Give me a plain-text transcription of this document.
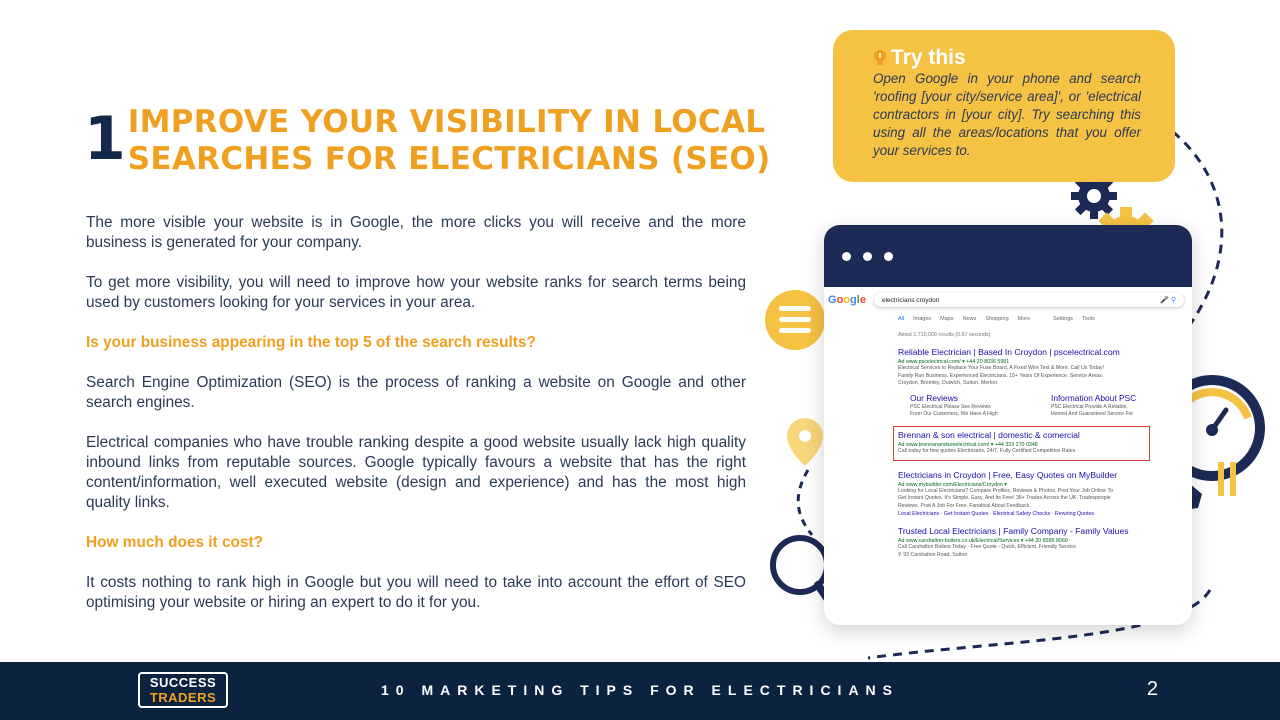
1 IMPROVE YOUR VISIBILITY IN LOCAL
SEARCHES FOR ELECTRICIANS (SEO)

The more visible your website is in Google, the more clicks you will receive and the more business is generated for your company.

To get more visibility, you will need to improve how your website ranks for search terms being used by customers looking for your services in your area.

Is your business appearing in the top 5 of the search results?

Search Engine Optimization (SEO) is the process of ranking a website on Google and other search engines.

Electrical companies who have trouble ranking despite a good website usually lack high quality inbound links from reputable sources. Google typically favours a website that has the right content/information, well executed website (design and experience) and has the most high quality links.

How much does it cost?

It costs nothing to rank high in Google but you will need to take into account the effort of SEO optimising your website or hiring an expert to do it for you.

Try this
Open Google in your phone and search 'roofing [your city/service area]', or 'electrical contractors in [your city]. Try searching this using all the areas/locations that you offer your services to.
Google electricians croydon	🎤 ⚲
All Images Maps News Shopping More	Settings Tools
About 1,710,000 results (0.67 seconds)
Reliable Electrician | Based In Croydon | pscelectrical.com
Ad www.pscelectrical.com/ ▾ +44 20 8036 5981
Electrical Services to Replace Your Fuse Board, A Fixed Wire Test & More. Call Us Today!
Family Run Business. Experienced Electricians. 15+ Years Of Experience. Service Areas:
Croydon, Bromley, Dulwich, Sutton, Merton.
Our Reviews
PSC Electrical Please See Reviews
From Our Customers, We Have A High
Information About PSC
PSC Electrical Provide A Reliable,
Honest And Guaranteed Service For
Brennan & son electrical | domestic & comercial
Ad www.brennanandsonelectrical.com/ ▾ +44 333 270 0348
Call today for free quotes Electricians, 24/7, Fully Certified Competitive Rates
Electricians in Croydon | Free, Easy Quotes on MyBuilder
Ad www.mybuilder.com/Electricians/Croydon ▾
Looking for Local Electricians? Compare Profiles, Reviews & Photos. Post Your Job Online To
Get Instant Quotes. It's Simple, Easy, And Its Free! 38+ Trades Across the UK. Tradespeople
Reviews. Post A Job For Free. Fanatical About Feedback.
Local Electricians · Get Instant Quotes · Electrical Safety Checks · Rewiring Quotes
Trusted Local Electricians | Family Company - Family Values
Ad www.carshalton-boilers.co.uk/Electrical/Services ▾ +44 20 8395 8060
Call Carshalton Boilers Today - Free Quote - Quick, Efficient, Friendly Service
⚲ 93 Carshalton Road, Sutton
SUCCESS
TRADERS	10 MARKETING TIPS FOR ELECTRICIANS	2
